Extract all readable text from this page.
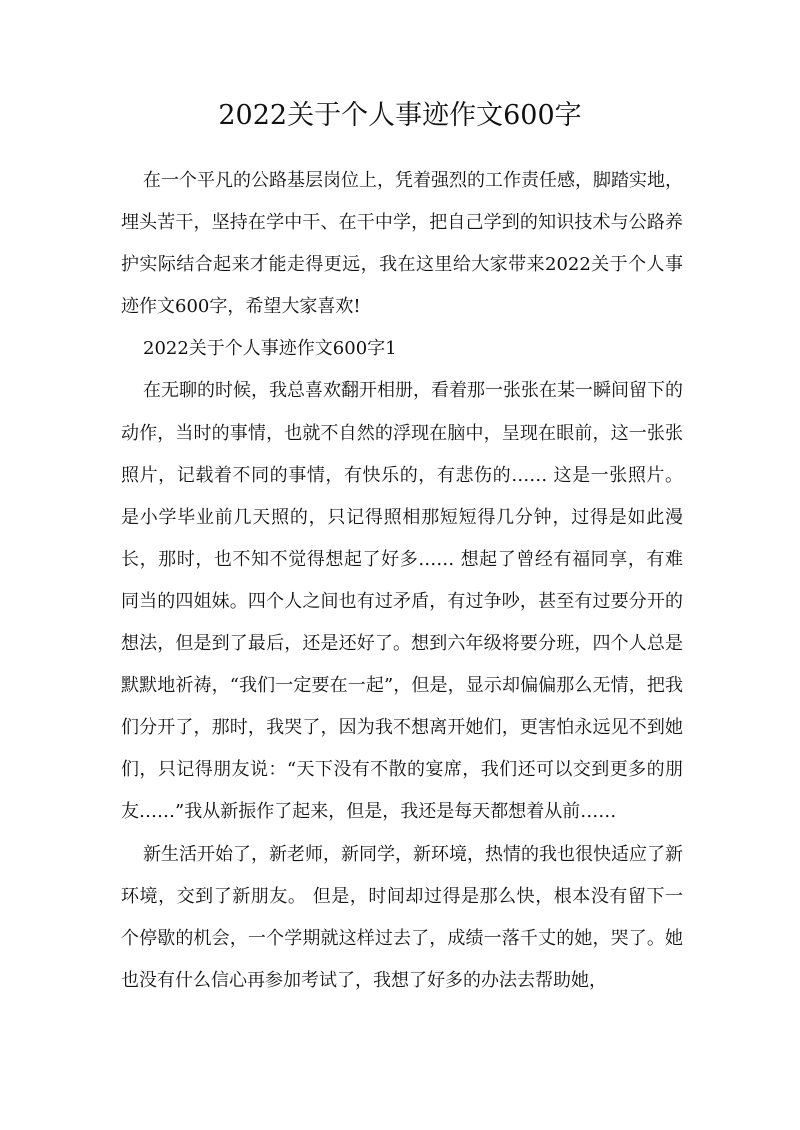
2022关于个人事迹作文600字

在一个平凡的公路基层岗位上，凭着强烈的工作责任感，脚踏实地，埋头苦干，坚持在学中干、在干中学，把自己学到的知识技术与公路养护实际结合起来才能走得更远，我在这里给大家带来2022关于个人事迹作文600字，希望大家喜欢!

2022关于个人事迹作文600字1

在无聊的时候，我总喜欢翻开相册，看着那一张张在某一瞬间留下的动作，当时的事情，也就不自然的浮现在脑中，呈现在眼前，这一张张照片，记载着不同的事情，有快乐的，有悲伤的…… 这是一张照片。是小学毕业前几天照的，只记得照相那短短得几分钟，过得是如此漫长，那时，也不知不觉得想起了好多…… 想起了曾经有福同享，有难同当的四姐妹。四个人之间也有过矛盾，有过争吵，甚至有过要分开的想法，但是到了最后，还是还好了。想到六年级将要分班，四个人总是默默地祈祷，“我们一定要在一起”，但是，显示却偏偏那么无情，把我们分开了，那时，我哭了，因为我不想离开她们，更害怕永远见不到她们，只记得朋友说：“天下没有不散的宴席，我们还可以交到更多的朋友……”我从新振作了起来，但是，我还是每天都想着从前……

新生活开始了，新老师，新同学，新环境，热情的我也很快适应了新环境，交到了新朋友。 但是，时间却过得是那么快，根本没有留下一个停歇的机会，一个学期就这样过去了，成绩一落千丈的她，哭了。她也没有什么信心再参加考试了，我想了好多的办法去帮助她，
